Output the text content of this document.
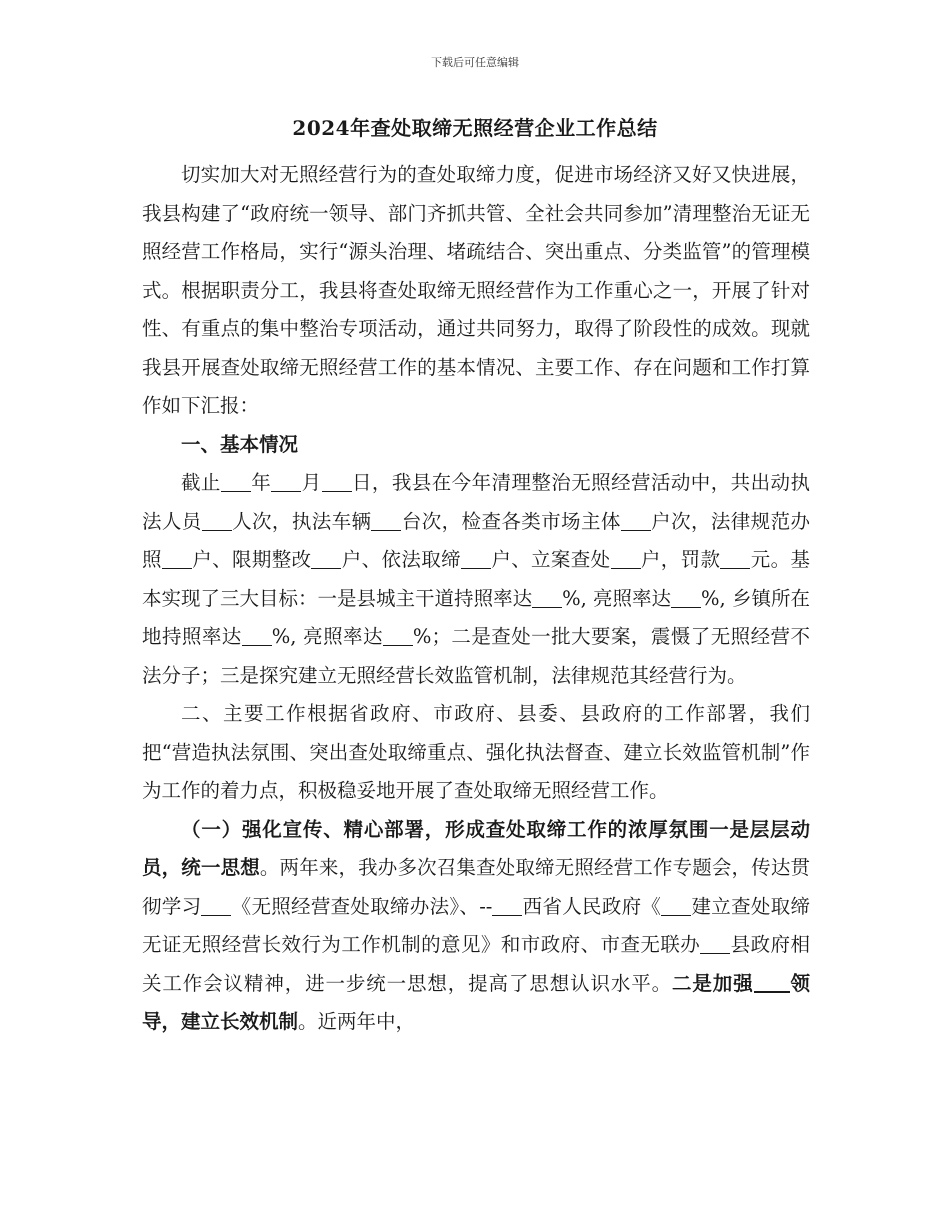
下载后可任意编辑
2024年查处取缔无照经营企业工作总结

切实加大对无照经营行为的查处取缔力度，促进市场经济又好又快进展，我县构建了“政府统一领导、部门齐抓共管、全社会共同参加”清理整治无证无照经营工作格局，实行“源头治理、堵疏结合、突出重点、分类监管”的管理模式。根据职责分工，我县将查处取缔无照经营作为工作重心之一，开展了针对性、有重点的集中整治专项活动，通过共同努力，取得了阶段性的成效。现就我县开展查处取缔无照经营工作的基本情况、主要工作、存在问题和工作打算作如下汇报：

一、基本情况

截止 年 月 日，我县在今年清理整治无照经营活动中，共出动执法人员 人次，执法车辆 台次，检查各类市场主体 户次，法律规范办照 户、限期整改 户、依法取缔 户、立案查处 户，罚款 元。基本实现了三大目标：一是县城主干道持照率达 %, 亮照率达 %, 乡镇所在地持照率达 %, 亮照率达 %；二是查处一批大要案，震慑了无照经营不法分子；三是探究建立无照经营长效监管机制，法律规范其经营行为。

二、主要工作根据省政府、市政府、县委、县政府的工作部署，我们把“营造执法氛围、突出查处取缔重点、强化执法督查、建立长效监管机制”作为工作的着力点，积极稳妥地开展了查处取缔无照经营工作。

（一）强化宣传、精心部署，形成查处取缔工作的浓厚氛围一是层层动员，统一思想。两年来，我办多次召集查处取缔无照经营工作专题会，传达贯彻学习 《无照经营查处取缔办法》、-- 西省人民政府《 建立查处取缔无证无照经营长效行为工作机制的意见》和市政府、市查无联办 县政府相关工作会议精神，进一步统一思想，提高了思想认识水平。二是加强 领导，建立长效机制。近两年中，
